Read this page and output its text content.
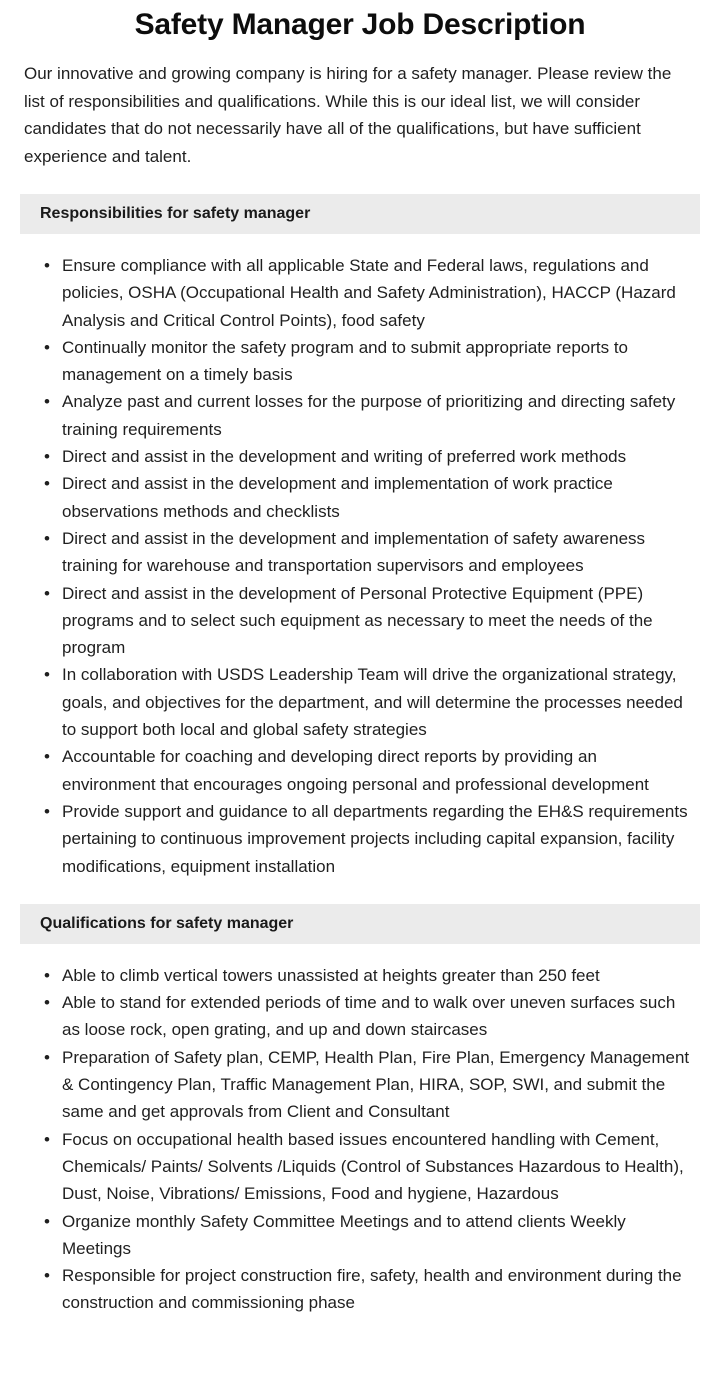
Safety Manager Job Description

Our innovative and growing company is hiring for a safety manager. Please review the list of responsibilities and qualifications. While this is our ideal list, we will consider candidates that do not necessarily have all of the qualifications, but have sufficient experience and talent.

Responsibilities for safety manager
• Ensure compliance with all applicable State and Federal laws, regulations and policies, OSHA (Occupational Health and Safety Administration), HACCP (Hazard Analysis and Critical Control Points), food safety
• Continually monitor the safety program and to submit appropriate reports to management on a timely basis
• Analyze past and current losses for the purpose of prioritizing and directing safety training requirements
• Direct and assist in the development and writing of preferred work methods
• Direct and assist in the development and implementation of work practice observations methods and checklists
• Direct and assist in the development and implementation of safety awareness training for warehouse and transportation supervisors and employees
• Direct and assist in the development of Personal Protective Equipment (PPE) programs and to select such equipment as necessary to meet the needs of the program
• In collaboration with USDS Leadership Team will drive the organizational strategy, goals, and objectives for the department, and will determine the processes needed to support both local and global safety strategies
• Accountable for coaching and developing direct reports by providing an environment that encourages ongoing personal and professional development
• Provide support and guidance to all departments regarding the EH&S requirements pertaining to continuous improvement projects including capital expansion, facility modifications, equipment installation
Qualifications for safety manager
• Able to climb vertical towers unassisted at heights greater than 250 feet
• Able to stand for extended periods of time and to walk over uneven surfaces such as loose rock, open grating, and up and down staircases
• Preparation of Safety plan, CEMP, Health Plan, Fire Plan, Emergency Management & Contingency Plan, Traffic Management Plan, HIRA, SOP, SWI, and submit the same and get approvals from Client and Consultant
• Focus on occupational health based issues encountered handling with Cement, Chemicals/ Paints/ Solvents /Liquids (Control of Substances Hazardous to Health), Dust, Noise, Vibrations/ Emissions, Food and hygiene, Hazardous
• Organize monthly Safety Committee Meetings and to attend clients Weekly Meetings
• Responsible for project construction fire, safety, health and environment during the construction and commissioning phase
